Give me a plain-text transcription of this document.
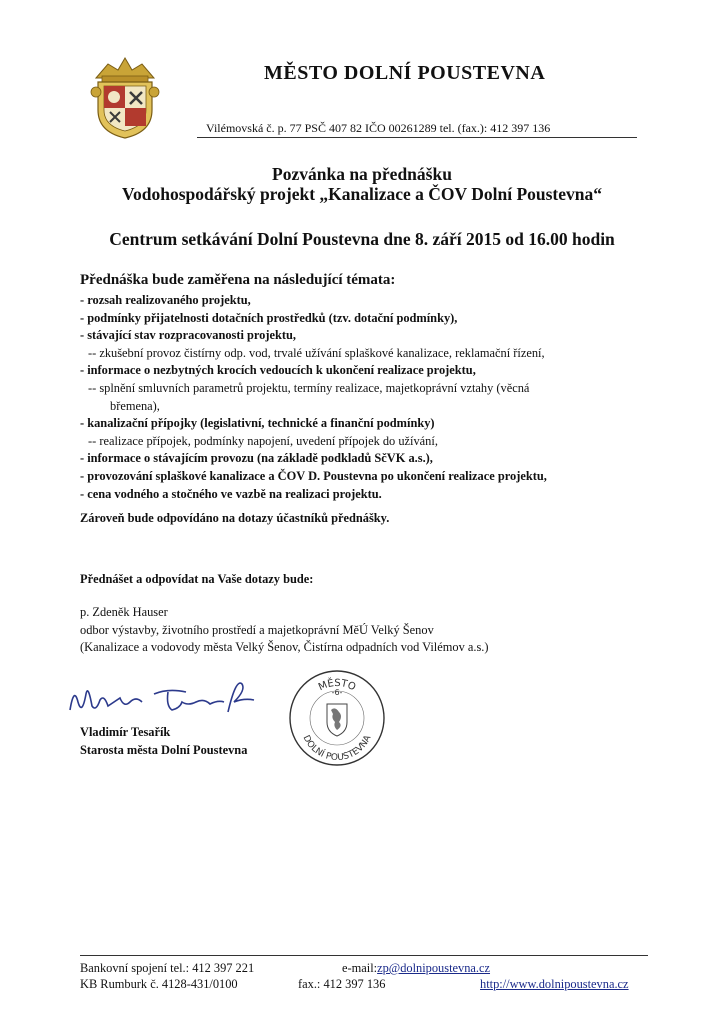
MĚSTO DOLNÍ POUSTEVNA
Vilémovská č. p. 77 PSČ 407 82 IČO 00261289 tel. (fax.): 412 397 136
Pozvánka na přednášku
Vodohospodářský projekt „Kanalizace a ČOV Dolní Poustevna“
Centrum setkávání Dolní Poustevna dne 8. září 2015 od 16.00 hodin
Přednáška bude zaměřena na následující témata:
- rozsah realizovaného projektu,
- podmínky přijatelnosti dotačních prostředků (tzv. dotační podmínky),
- stávající stav rozpracovanosti projektu,
-- zkušební provoz čistírny odp. vod, trvalé užívání splaškové kanalizace, reklamační řízení,
- informace o nezbytných krocích vedoucích k ukončení realizace projektu,
-- splnění smluvních parametrů projektu, termíny realizace, majetkoprávní vztahy (věcná
břemena),
- kanalizační přípojky (legislativní, technické a finanční podmínky)
-- realizace přípojek, podmínky napojení, uvedení přípojek do užívání,
- informace o stávajícím provozu (na základě podkladů SčVK a.s.),
- provozování splaškové kanalizace a ČOV D. Poustevna po ukončení realizace projektu,
- cena vodného a stočného ve vazbě na realizaci projektu.
Zároveň bude odpovídáno na dotazy účastníků přednášky.
Přednášet a odpovídat na Vaše dotazy bude:
p. Zdeněk Hauser
odbor výstavby, životního prostředí a majetkoprávní MěÚ Velký Šenov
(Kanalizace a vodovody města Velký Šenov, Čistírna odpadních vod Vilémov a.s.)
Vladimír Tesařík
Starosta města Dolní Poustevna
MĚSTO
-6-
DOLNÍ POUSTEVNA
Bankovní spojení tel.: 412 397 221
KB Rumburk č. 4128-431/0100
e-mail:zp@dolnipoustevna.cz
fax.: 412 397 136	http://www.dolnipoustevna.cz
